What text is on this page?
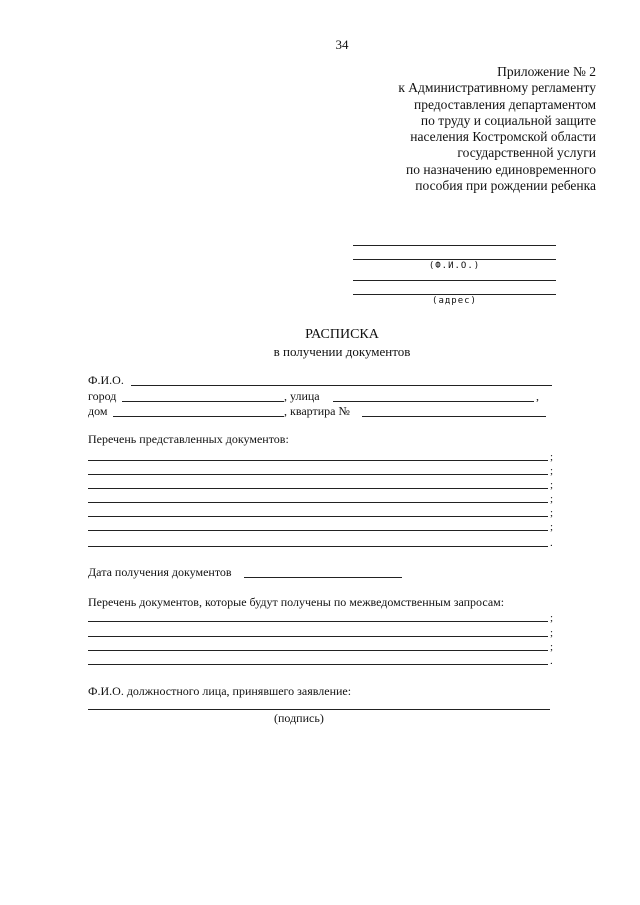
34
Приложение № 2
к Административному регламенту
предоставления департаментом
по труду и социальной защите
населения Костромской области
государственной услуги
по назначению единовременного
пособия при рождении ребенка
(Ф.И.О.)
(адрес)
РАСПИСКА
в получении документов
Ф.И.О.
город	, улица	,
дом	, квартира №
Перечень представленных документов:
;
;
;
;
;
;
.
Дата получения документов
Перечень документов, которые будут получены по межведомственным запросам:
;
;
;
.
Ф.И.О. должностного лица, принявшего заявление:
(подпись)
